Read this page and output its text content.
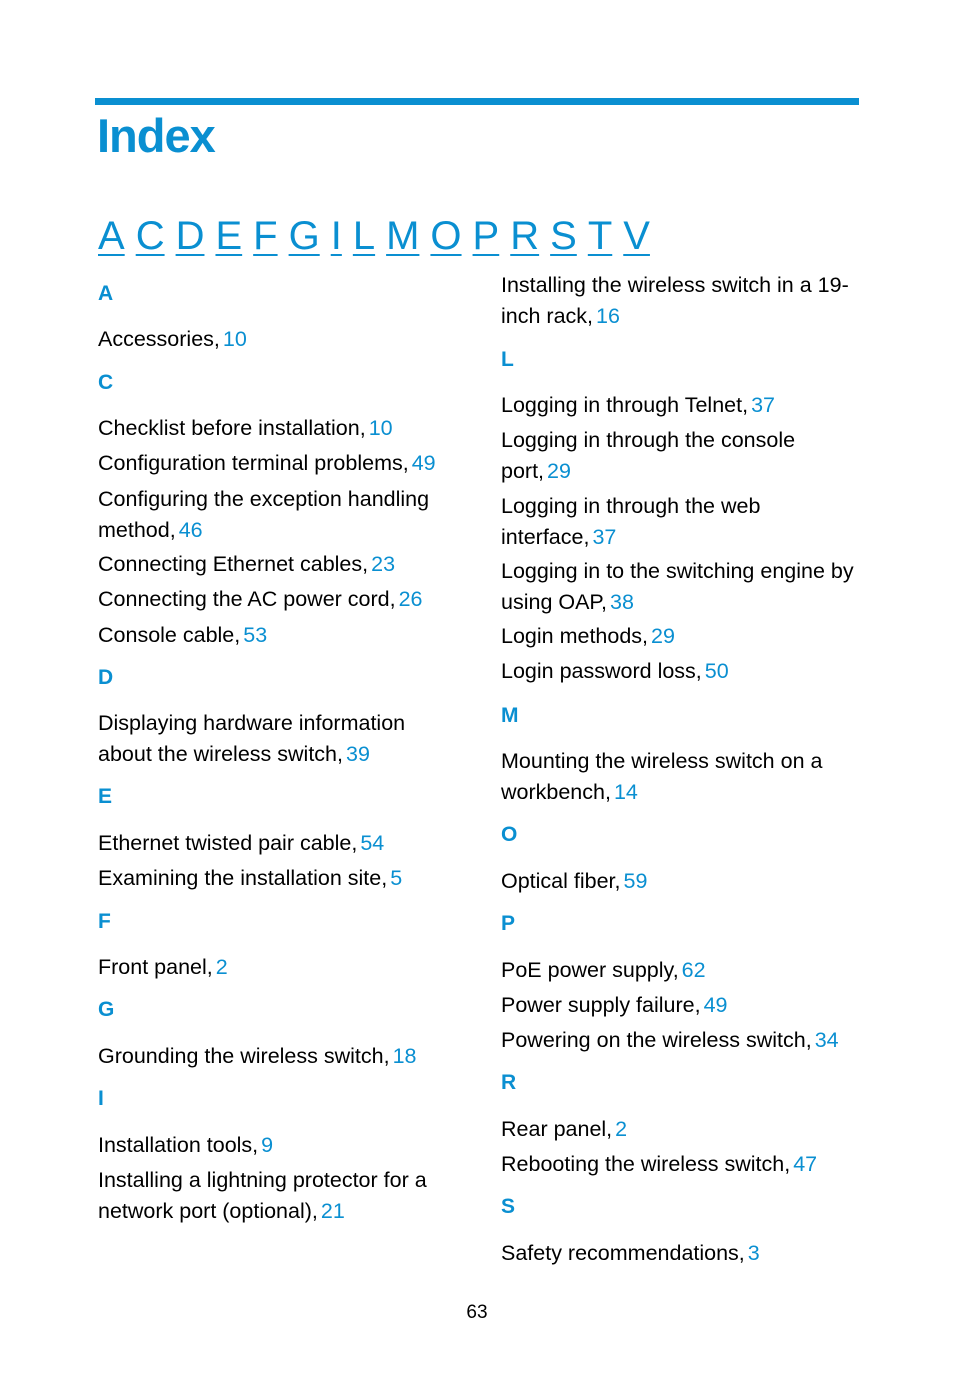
Index
A C D E F G I L M O P R S T V
A
Accessories, 10
C
Checklist before installation, 10
Configuration terminal problems, 49
Configuring the exception handling method, 46
Connecting Ethernet cables, 23
Connecting the AC power cord, 26
Console cable, 53
D
Displaying hardware information about the wireless switch, 39
E
Ethernet twisted pair cable, 54
Examining the installation site, 5
F
Front panel, 2
G
Grounding the wireless switch, 18
I
Installation tools, 9
Installing a lightning protector for a network port (optional), 21
Installing the wireless switch in a 19-inch rack, 16
L
Logging in through Telnet, 37
Logging in through the console port, 29
Logging in through the web interface, 37
Logging in to the switching engine by using OAP, 38
Login methods, 29
Login password loss, 50
M
Mounting the wireless switch on a workbench, 14
O
Optical fiber, 59
P
PoE power supply, 62
Power supply failure, 49
Powering on the wireless switch, 34
R
Rear panel, 2
Rebooting the wireless switch, 47
S
Safety recommendations, 3
63
